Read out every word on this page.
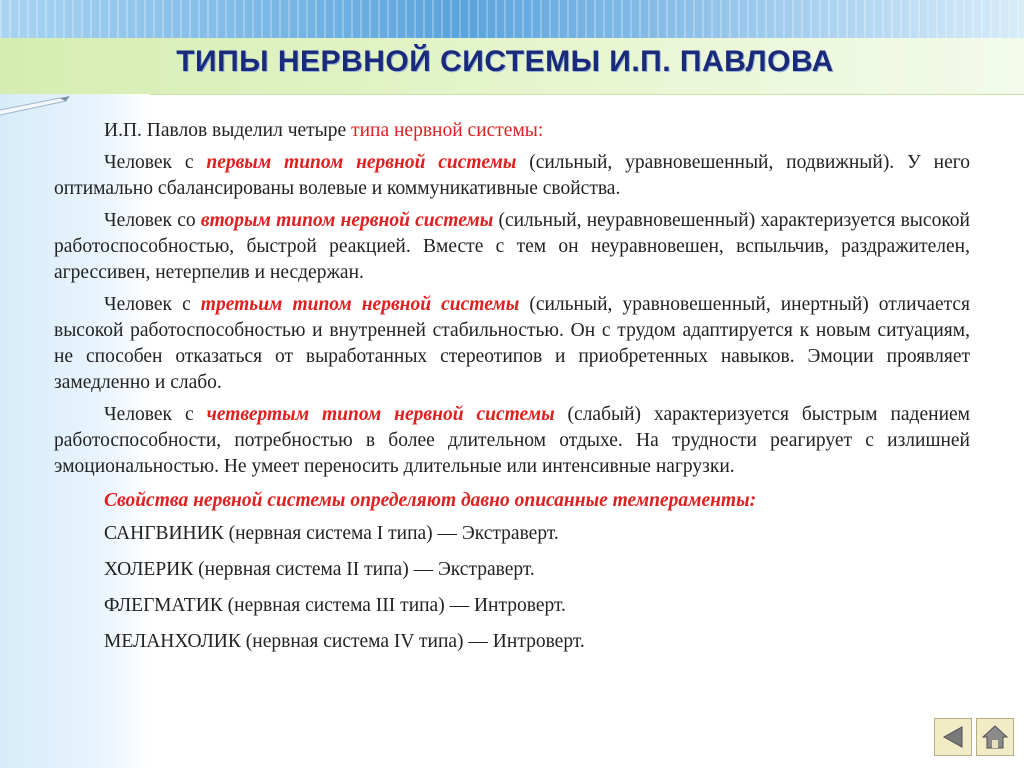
ТИПЫ НЕРВНОЙ СИСТЕМЫ И.П. ПАВЛОВА

И.П. Павлов выделил четыре типа нервной системы:

Человек с первым типом нервной системы (сильный, уравновешенный, подвижный). У него оптимально сбалансированы волевые и коммуникативные свойства.

Человек со вторым типом нервной системы (сильный, неуравновешенный) характеризуется высокой работоспособностью, быстрой реакцией. Вместе с тем он неуравновешен, вспыльчив, раздражителен, агрессивен, нетерпелив и несдержан.

Человек с третьим типом нервной системы (сильный, уравновешенный, инертный) отличается высокой работоспособностью и внутренней стабильностью. Он с трудом адаптируется к новым ситуациям, не способен отказаться от выработанных стереотипов и приобретенных навыков. Эмоции проявляет замедленно и слабо.

Человек с четвертым типом нервной системы (слабый) характеризуется быстрым падением работоспособности, потребностью в более длительном отдыхе. На трудности реагирует с излишней эмоциональностью. Не умеет переносить длительные или интенсивные нагрузки.

Свойства нервной системы определяют давно описанные темпераменты:
САНГВИНИК (нервная система I типа) — Экстраверт.
ХОЛЕРИК (нервная система II типа) — Экстраверт.
ФЛЕГМАТИК (нервная система III типа) — Интроверт.
МЕЛАНХОЛИК (нервная система IV типа) — Интроверт.
